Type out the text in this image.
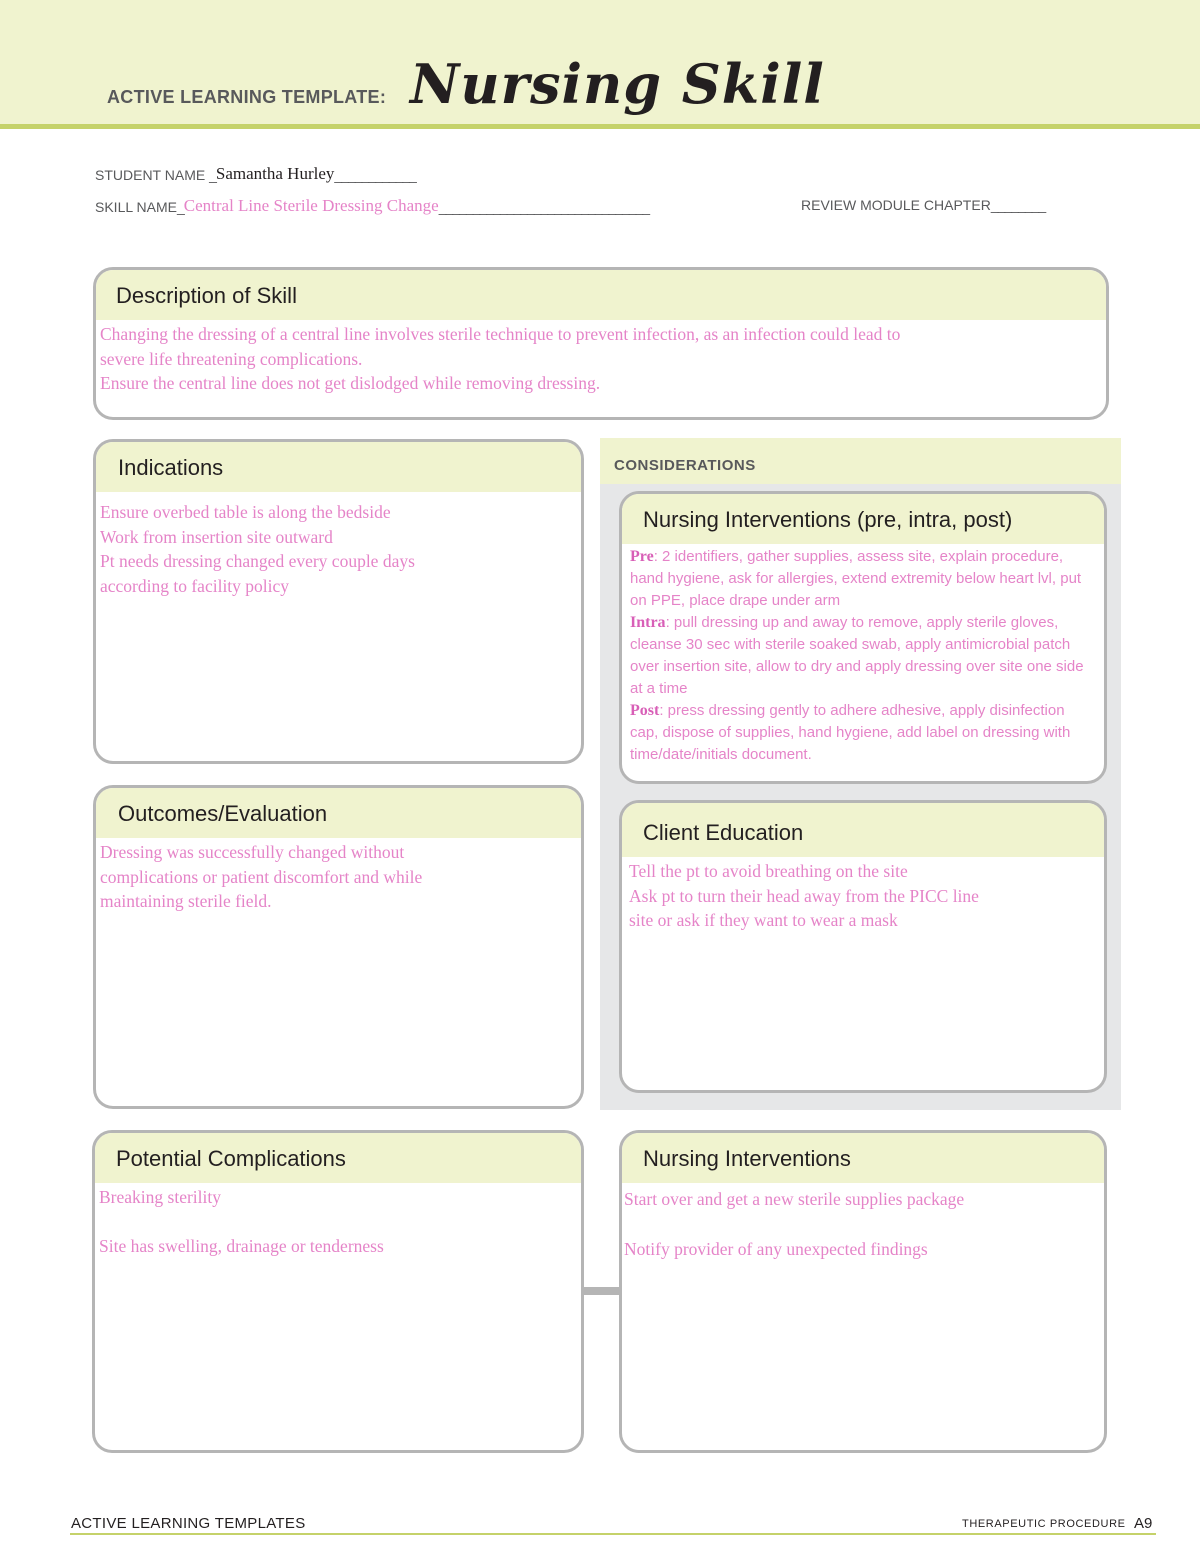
ACTIVE LEARNING TEMPLATE: Nursing Skill
STUDENT NAME _Samantha Hurley____________
SKILL NAME_Central Line Sterile Dressing Change_______________________________	REVIEW MODULE CHAPTER________
Description of Skill
Changing the dressing of a central line involves sterile technique to prevent infection, as an infection could lead to
severe life threatening complications.
Ensure the central line does not get dislodged while removing dressing.
Indications
Ensure overbed table is along the bedside
Work from insertion site outward
Pt needs dressing changed every couple days
according to facility policy
CONSIDERATIONS
Nursing Interventions (pre, intra, post)
Pre: 2 identifiers, gather supplies, assess site, explain procedure, hand hygiene, ask for allergies, extend extremity below heart lvl, put on PPE, place drape under arm
Intra: pull dressing up and away to remove, apply sterile gloves, cleanse 30 sec with sterile soaked swab, apply antimicrobial patch over insertion site, allow to dry and apply dressing over site one side at a time
Post: press dressing gently to adhere adhesive, apply disinfection cap, dispose of supplies, hand hygiene, add label on dressing with time/date/initials document.
Outcomes/Evaluation
Dressing was successfully changed without
complications or patient discomfort and while
maintaining sterile field.
Client Education
Tell the pt to avoid breathing on the site
Ask pt to turn their head away from the PICC line
site or ask if they want to wear a mask
Potential Complications
Breaking sterility
Site has swelling, drainage or tenderness
Nursing Interventions
Start over and get a new sterile supplies package
Notify provider of any unexpected findings
ACTIVE LEARNING TEMPLATES	THERAPEUTIC PROCEDURE A9
